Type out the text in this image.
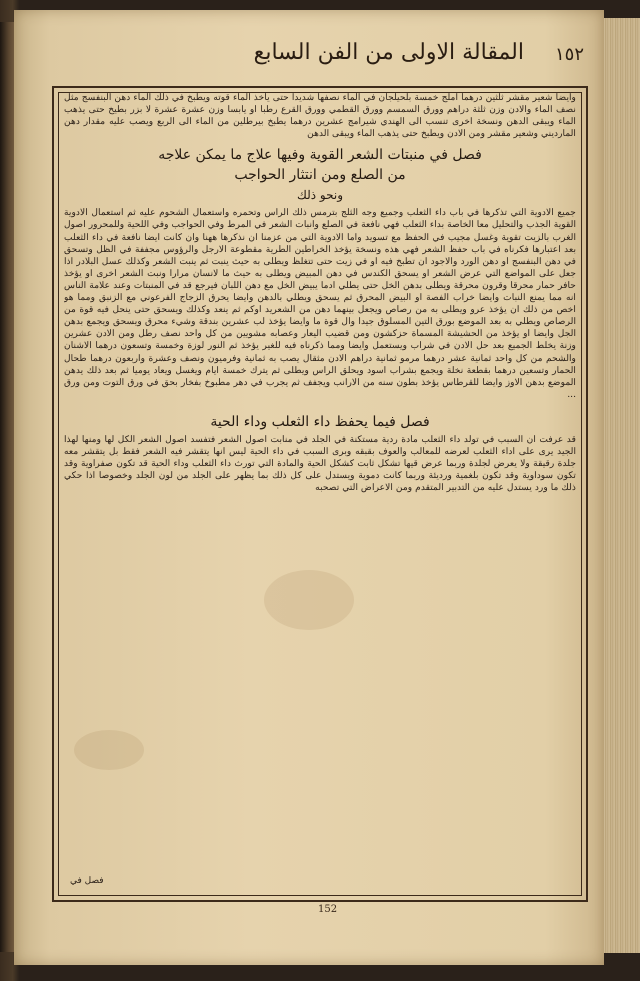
١٥٢
المقالة الاولى من الفن السابع

وايضا شعير مقشر ثلثين درهما املج خمسة بلحيلجان في الماء نصفها شديدا حتى يأخذ الماء قوته ويطبخ في ذلك الماء دهن البنفسج مثل نصف الماء والادن وزن ثلثة دراهم وورق السمسم وورق القطمي وورق القرع رطبا او يابسا وزن عشرة عشرة لا بزر بطيخ حتى يذهب الماء ويبقى الدهن ونسخة اخرى تنسب الى الهندي شيرامج عشرين درهما يطبخ بيرطلين من الماء الى الربع ويصب عليه مقدار دهن المارديني وشعير مقشر ومن الادن ويطبخ حتى يذهب الماء ويبقى الدهن

فصل في منبتات الشعر القوية وفيها علاج ما يمكن علاجه
من الصلع ومن انتثار الحواجب
ونحو ذلك

جميع الادوية التي تذكرها في باب داء الثعلب وجميع وجه الثلج بترمس ذلك الراس وتحمره واستعمال الشحوم عليه ثم استعمال الادوية القوية الجذب والتحليل معا الخاصة بداء الثعلب فهي نافعة في الصلع وانبات الشعر في المرط وفي الحواجب وفي اللحية وللمحرور اصول الغرب بالزيت تقوية وغسل مجيب في الحفظ مع تسويد واما الادوية التي من عزمنا ان نذكرها ههنا وان كانت ايضا نافعة في داء الثعلب بعد اعتبارها فكرناه في باب حفظ الشعر فهي هذه ونسخة يؤخذ الخراطين الطرية مقطوعة الارجل والرؤوس مجففة في الظل وتسحق في دهن البنفسج او دهن الورد والاجود ان تطبخ فيه او في زيت حتى تتغلظ ويطلى به حيث ينبت ثم ينبت الشعر وكذلك عسل البلادر اذا جعل على المواضع التي عرض الشعر او يسحق الكندس في دهن المبيض ويطلى به حيث ما لانسان مرارا ونبت الشعر اخرى او يؤخذ حافر حمار محرقا وقرون محرقة ويطلى بدهن الخل حتى يطلي ادما يبيض الخل مع دهن اللبان فيرجع قد في المنبتات وعند علامة الناس انه مما يمنع النبات وايضا خراب الفصة او البيض المحرق ثم يسحق ويطلي بالدهن وايضا يحرق الزجاج الفرعوني مع الزنبق ومما هو اخص من ذلك ان يؤخذ عرو ويطلى به من رصاص ويجعل بينهما دهن من الشعريد اوكم ثم ينعد وكذلك ويسحق حتى ينحل فيه قوة من الرصاص ويطلي به بعد الموضع بورق التين المسلوق جيدا وال قوة ما وايضا يؤخذ لب عشرين بندقة وشيء محرق ويسحق ويجمع بدهن الجل وايضا او يؤخذ من الحشيشة المسماة حزكشون ومن قضيب اليعار وعصابه مشويين من كل واحد نصف رطل ومن الادن عشرين وزنة يخلط الجميع بعد حل الادن في شراب ويستعمل وايضا ومما ذكرناه فيه للغير يؤخذ ثم النور لوزة وخمسة وتسعون درهما الاشنان والشحم من كل واحد ثمانية عشر درهما مرمو ثمانية دراهم الادن مثقال يصب به ثمانية وفرميون ونصف وعشرة واربعون درهما طحال الحمار وتسعين درهما بقطعة نخلة ويجمع بشراب اسود ويحلق الراس ويطلى ثم يترك خمسة ايام ويغسل ويعاد يوميا ثم بعد ذلك يدهن الموضع بدهن الاوز وايضا للقرطاس يؤخذ بطون سنه من الارانب ويجفف ثم يجرب في دهر مطبوخ بفخار بحق في ورق التوت ومن ورق ...

فصل فيما يحفظ داء الثعلب وداء الحية

قد عرفت ان السبب في تولد داء الثعلب مادة ردية مستكنة في الجلد في منابت اصول الشعر فتفسد اصول الشعر الكل لها ومنها لهذا الجيد يرى على اداء الثعلب لعرضه للمعالب والعوف بقبقه وبرى السبب في داء الحية ليس انها يتقشر فيه الشعر فقط بل يتقشر معه جلدة رقيقة ولا يعرض لجلدة وربما عرض قيها تشكل ثابت كشكل الحية والمادة التي تورث داء الثعلب وداء الحية قد تكون صفراوية وقد تكون سوداوية وقد تكون بلغمية ورديئة وربما كانت دموية ويستدل على كل ذلك بما يظهر على الجلد من لون الجلد وخصوصا اذا حكي ذلك ما ورد يستدل عليه من التدبير المتقدم ومن الاعراض التي تصحبه

فصل في
152
